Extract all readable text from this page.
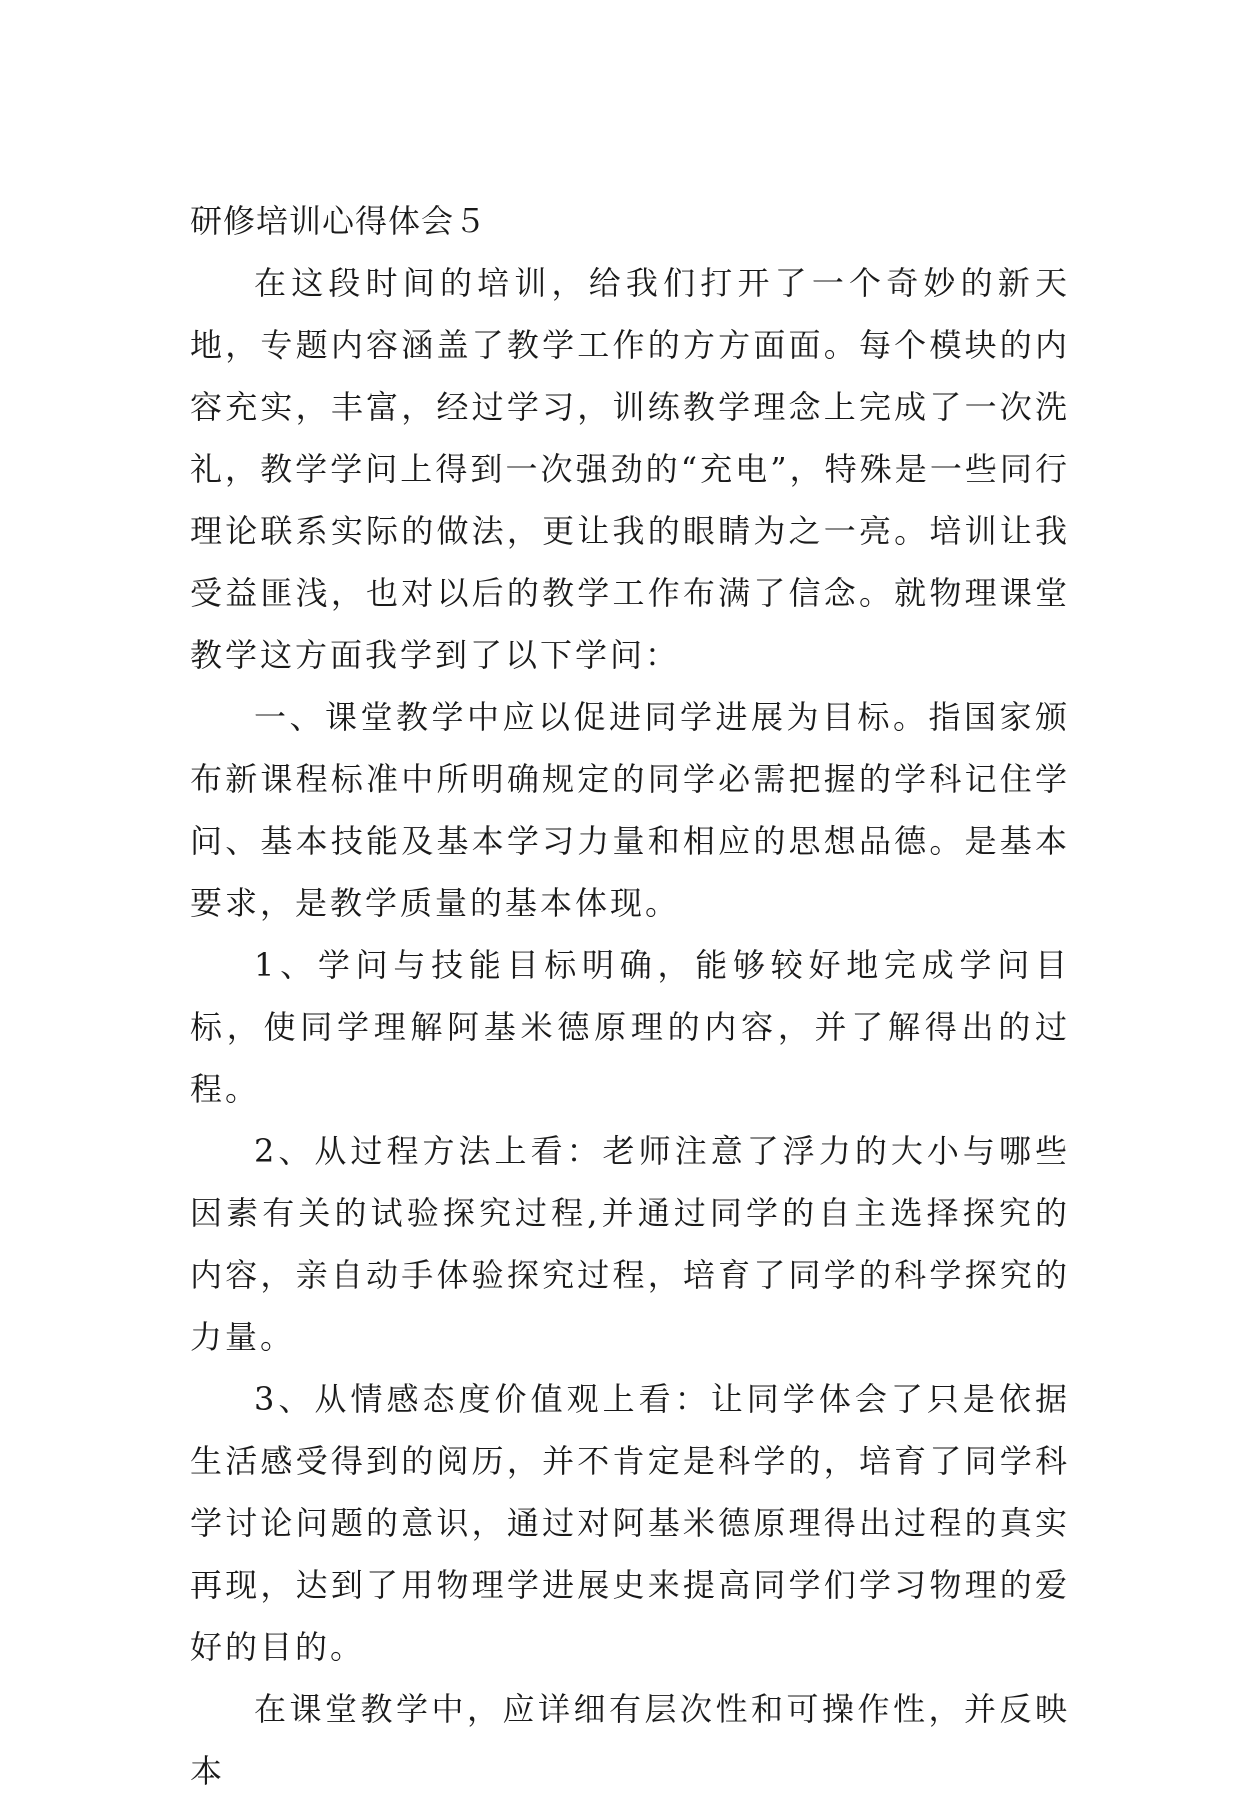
研修培训心得体会５

在这段时间的培训，给我们打开了一个奇妙的新天地，专题内容涵盖了教学工作的方方面面。每个模块的内容充实，丰富，经过学习，训练教学理念上完成了一次洗礼，教学学问上得到一次强劲的“充电”，特殊是一些同行理论联系实际的做法，更让我的眼睛为之一亮。培训让我受益匪浅，也对以后的教学工作布满了信念。就物理课堂教学这方面我学到了以下学问：

一、课堂教学中应以促进同学进展为目标。指国家颁布新课程标准中所明确规定的同学必需把握的学科记住学问、基本技能及基本学习力量和相应的思想品德。是基本要求，是教学质量的基本体现。

1、学问与技能目标明确，能够较好地完成学问目标，使同学理解阿基米德原理的内容，并了解得出的过程。

2、从过程方法上看：老师注意了浮力的大小与哪些因素有关的试验探究过程,并通过同学的自主选择探究的内容，亲自动手体验探究过程，培育了同学的科学探究的力量。

3、从情感态度价值观上看：让同学体会了只是依据生活感受得到的阅历，并不肯定是科学的，培育了同学科学讨论问题的意识，通过对阿基米德原理得出过程的真实再现，达到了用物理学进展史来提高同学们学习物理的爱好的目的。

在课堂教学中，应详细有层次性和可操作性，并反映本
